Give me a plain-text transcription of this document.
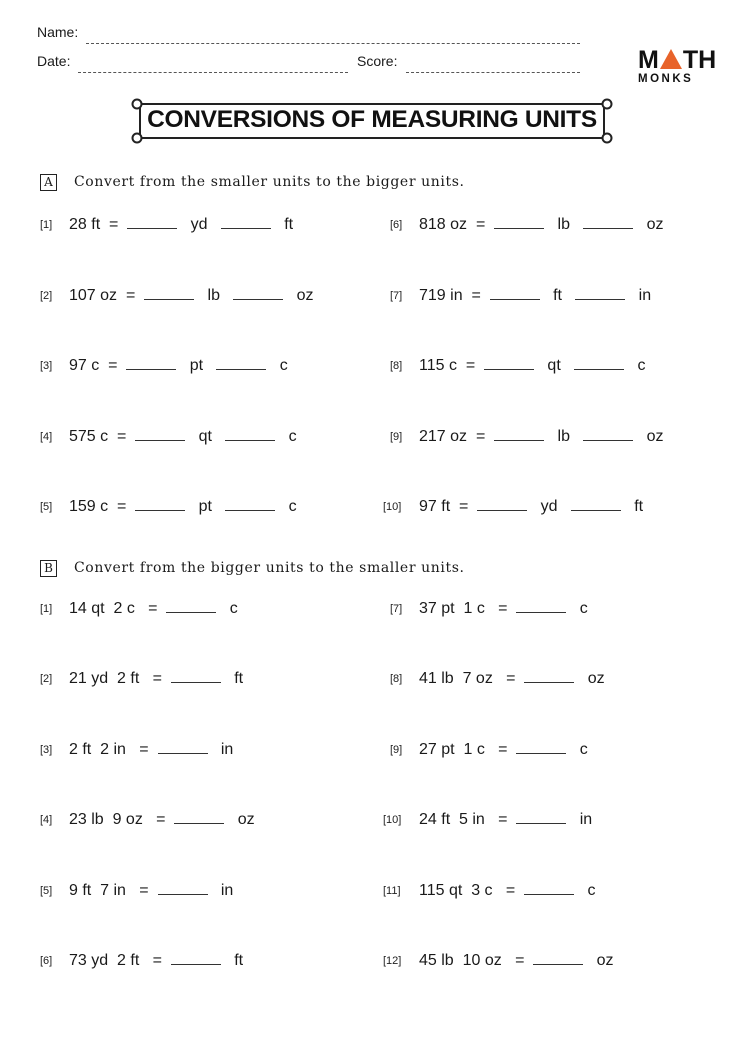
Name:
Date:	Score:	M TH
MONKS
CONVERSIONS OF MEASURING UNITS
A Convert from the smaller units to the bigger units.
[1] 28 ft  =	yd	ft
[2] 107 oz  =	lb	oz
[3] 97 c  =	pt	c
[4] 575 c  =	qt	c
[5] 159 c  =	pt	c
[6] 818 oz  =	lb	oz
[7] 719 in  =	ft	in
[8] 115 c  =	qt	c
[9] 217 oz  =	lb	oz
[10] 97 ft  =	yd	ft
B Convert from the bigger units to the smaller units.
[1] 14 qt  2 c   =	c
[2] 21 yd  2 ft   =	ft
[3] 2 ft  2 in   =	in
[4] 23 lb  9 oz   =	oz
[5] 9 ft  7 in   =	in
[6] 73 yd  2 ft   =	ft
[7] 37 pt  1 c   =	c
[8] 41 lb  7 oz   =	oz
[9] 27 pt  1 c   =	c
[10] 24 ft  5 in   =	in
[11] 115 qt  3 c   =	c
[12] 45 lb  10 oz   =	oz
